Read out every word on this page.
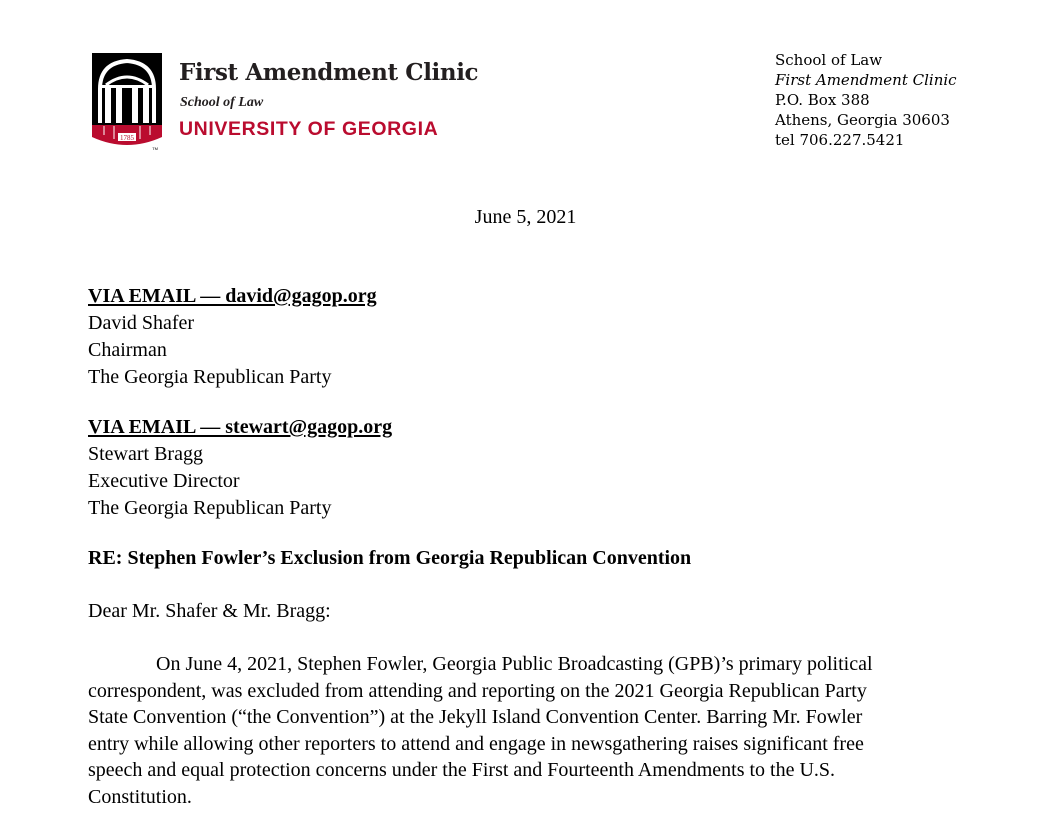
1785
TM
First Amendment Clinic
School of Law
UNIVERSITY OF GEORGIA
School of Law
First Amendment Clinic
P.O. Box 388
Athens, Georgia 30603
tel 706.227.5421
June 5, 2021
VIA EMAIL — david@gagop.org
David Shafer
Chairman
The Georgia Republican Party
VIA EMAIL — stewart@gagop.org
Stewart Bragg
Executive Director
The Georgia Republican Party
RE: Stephen Fowler’s Exclusion from Georgia Republican Convention
Dear Mr. Shafer & Mr. Bragg:
On June 4, 2021, Stephen Fowler, Georgia Public Broadcasting (GPB)’s primary political
correspondent, was excluded from attending and reporting on the 2021 Georgia Republican Party
State Convention (“the Convention”) at the Jekyll Island Convention Center. Barring Mr. Fowler
entry while allowing other reporters to attend and engage in newsgathering raises significant free
speech and equal protection concerns under the First and Fourteenth Amendments to the U.S.
Constitution.
